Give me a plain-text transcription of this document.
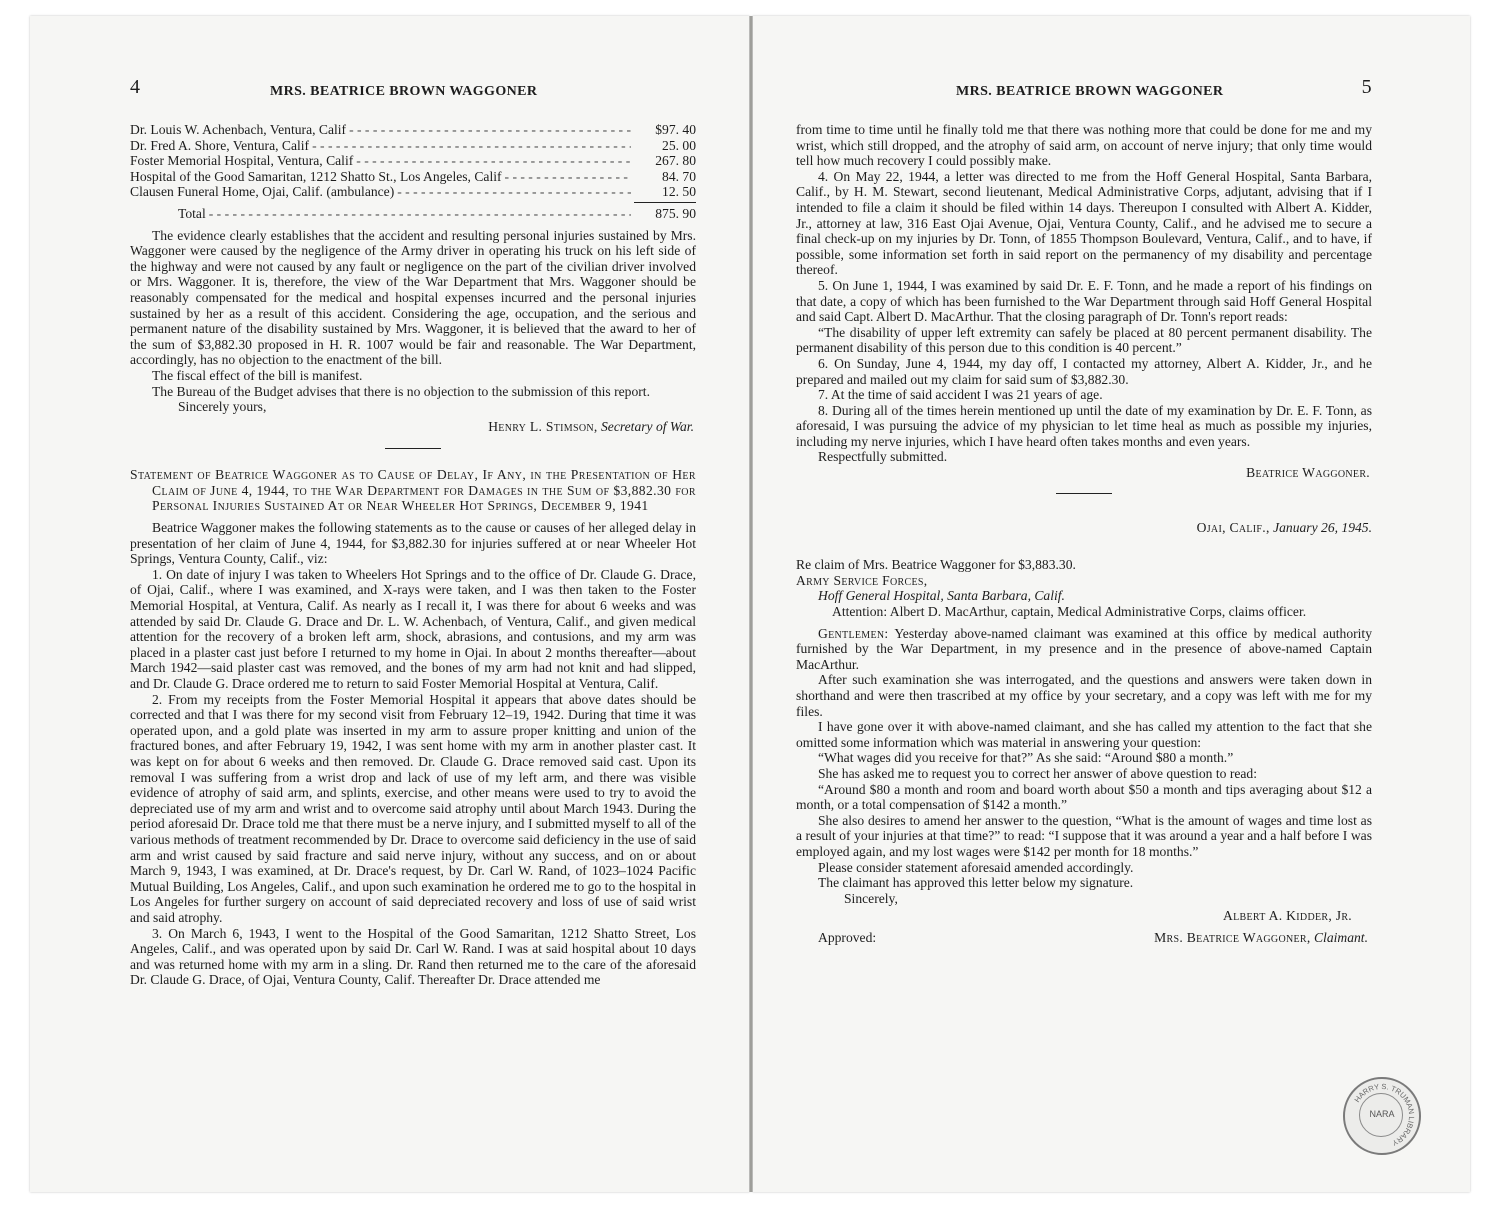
4	MRS. BEATRICE BROWN WAGGONER	MRS. BEATRICE BROWN WAGGONER	5
Dr. Louis W. Achenbach, Ventura, Calif - - -	$97. 40
Dr. Fred A. Shore, Ventura, Calif - - -	25. 00
Foster Memorial Hospital, Ventura, Calif - - -	267. 80
Hospital of the Good Samaritan, 1212 Shatto St., Los Angeles, Calif - - -	84. 70
Clausen Funeral Home, Ojai, Calif. (ambulance) - - -	12. 50
Total - - -	875. 90

The evidence clearly establishes that the accident and resulting personal injuries sustained by Mrs. Waggoner were caused by the negligence of the Army driver in operating his truck on his left side of the highway and were not caused by any fault or negligence on the part of the civilian driver involved or Mrs. Waggoner. It is, therefore, the view of the War Department that Mrs. Waggoner should be reasonably compensated for the medical and hospital expenses incurred and the personal injuries sustained by her as a result of this accident. Considering the age, occupation, and the serious and permanent nature of the disability sustained by Mrs. Waggoner, it is believed that the award to her of the sum of $3,882.30 proposed in H. R. 1007 would be fair and reasonable. The War Department, accordingly, has no objection to the enactment of the bill.

The fiscal effect of the bill is manifest.

The Bureau of the Budget advises that there is no objection to the submission of this report.

Sincerely yours,

Henry L. Stimson, Secretary of War.

Statement of Beatrice Waggoner as to Cause of Delay, If Any, in the Presentation of Her Claim of June 4, 1944, to the War Department for Damages in the Sum of $3,882.30 for Personal Injuries Sustained At or Near Wheeler Hot Springs, December 9, 1941

Beatrice Waggoner makes the following statements as to the cause or causes of her alleged delay in presentation of her claim of June 4, 1944, for $3,882.30 for injuries suffered at or near Wheeler Hot Springs, Ventura County, Calif., viz:

1. On date of injury I was taken to Wheelers Hot Springs and to the office of Dr. Claude G. Drace, of Ojai, Calif., where I was examined, and X-rays were taken, and I was then taken to the Foster Memorial Hospital, at Ventura, Calif. As nearly as I recall it, I was there for about 6 weeks and was attended by said Dr. Claude G. Drace and Dr. L. W. Achenbach, of Ventura, Calif., and given medical attention for the recovery of a broken left arm, shock, abrasions, and contusions, and my arm was placed in a plaster cast just before I returned to my home in Ojai. In about 2 months thereafter—about March 1942—said plaster cast was removed, and the bones of my arm had not knit and had slipped, and Dr. Claude G. Drace ordered me to return to said Foster Memorial Hospital at Ventura, Calif.

2. From my receipts from the Foster Memorial Hospital it appears that above dates should be corrected and that I was there for my second visit from February 12–19, 1942. During that time it was operated upon, and a gold plate was inserted in my arm to assure proper knitting and union of the fractured bones, and after February 19, 1942, I was sent home with my arm in another plaster cast. It was kept on for about 6 weeks and then removed. Dr. Claude G. Drace removed said cast. Upon its removal I was suffering from a wrist drop and lack of use of my left arm, and there was visible evidence of atrophy of said arm, and splints, exercise, and other means were used to try to avoid the depreciated use of my arm and wrist and to overcome said atrophy until about March 1943. During the period aforesaid Dr. Drace told me that there must be a nerve injury, and I submitted myself to all of the various methods of treatment recommended by Dr. Drace to overcome said deficiency in the use of said arm and wrist caused by said fracture and said nerve injury, without any success, and on or about March 9, 1943, I was examined, at Dr. Drace's request, by Dr. Carl W. Rand, of 1023–1024 Pacific Mutual Building, Los Angeles, Calif., and upon such examination he ordered me to go to the hospital in Los Angeles for further surgery on account of said depreciated recovery and loss of use of said wrist and said atrophy.

3. On March 6, 1943, I went to the Hospital of the Good Samaritan, 1212 Shatto Street, Los Angeles, Calif., and was operated upon by said Dr. Carl W. Rand. I was at said hospital about 10 days and was returned home with my arm in a sling. Dr. Rand then returned me to the care of the aforesaid Dr. Claude G. Drace, of Ojai, Ventura County, Calif. Thereafter Dr. Drace attended me

from time to time until he finally told me that there was nothing more that could be done for me and my wrist, which still dropped, and the atrophy of said arm, on account of nerve injury; that only time would tell how much recovery I could possibly make.

4. On May 22, 1944, a letter was directed to me from the Hoff General Hospital, Santa Barbara, Calif., by H. M. Stewart, second lieutenant, Medical Administrative Corps, adjutant, advising that if I intended to file a claim it should be filed within 14 days. Thereupon I consulted with Albert A. Kidder, Jr., attorney at law, 316 East Ojai Avenue, Ojai, Ventura County, Calif., and he advised me to secure a final check-up on my injuries by Dr. Tonn, of 1855 Thompson Boulevard, Ventura, Calif., and to have, if possible, some information set forth in said report on the permanency of my disability and percentage thereof.

5. On June 1, 1944, I was examined by said Dr. E. F. Tonn, and he made a report of his findings on that date, a copy of which has been furnished to the War Department through said Hoff General Hospital and said Capt. Albert D. MacArthur. That the closing paragraph of Dr. Tonn's report reads:

“The disability of upper left extremity can safely be placed at 80 percent permanent disability. The permanent disability of this person due to this condition is 40 percent.”

6. On Sunday, June 4, 1944, my day off, I contacted my attorney, Albert A. Kidder, Jr., and he prepared and mailed out my claim for said sum of $3,882.30.

7. At the time of said accident I was 21 years of age.

8. During all of the times herein mentioned up until the date of my examination by Dr. E. F. Tonn, as aforesaid, I was pursuing the advice of my physician to let time heal as much as possible my injuries, including my nerve injuries, which I have heard often takes months and even years.

Respectfully submitted.

Beatrice Waggoner.

Ojai, Calif., January 26, 1945.

Re claim of Mrs. Beatrice Waggoner for $3,883.30.

Army Service Forces,

Hoff General Hospital, Santa Barbara, Calif.

Attention: Albert D. MacArthur, captain, Medical Administrative Corps, claims officer.

Gentlemen: Yesterday above-named claimant was examined at this office by medical authority furnished by the War Department, in my presence and in the presence of above-named Captain MacArthur.

After such examination she was interrogated, and the questions and answers were taken down in shorthand and were then trascribed at my office by your secretary, and a copy was left with me for my files.

I have gone over it with above-named claimant, and she has called my attention to the fact that she omitted some information which was material in answering your question:

“What wages did you receive for that?” As she said: “Around $80 a month.”

She has asked me to request you to correct her answer of above question to read:

“Around $80 a month and room and board worth about $50 a month and tips averaging about $12 a month, or a total compensation of $142 a month.”

She also desires to amend her answer to the question, “What is the amount of wages and time lost as a result of your injuries at that time?” to read: “I suppose that it was around a year and a half before I was employed again, and my lost wages were $142 per month for 18 months.”

Please consider statement aforesaid amended accordingly.

The claimant has approved this letter below my signature.

Sincerely,

Albert A. Kidder, Jr.

Approved:	Mrs. Beatrice Waggoner, Claimant.
HARRY S. TRUMAN LIBRARY
NARA
